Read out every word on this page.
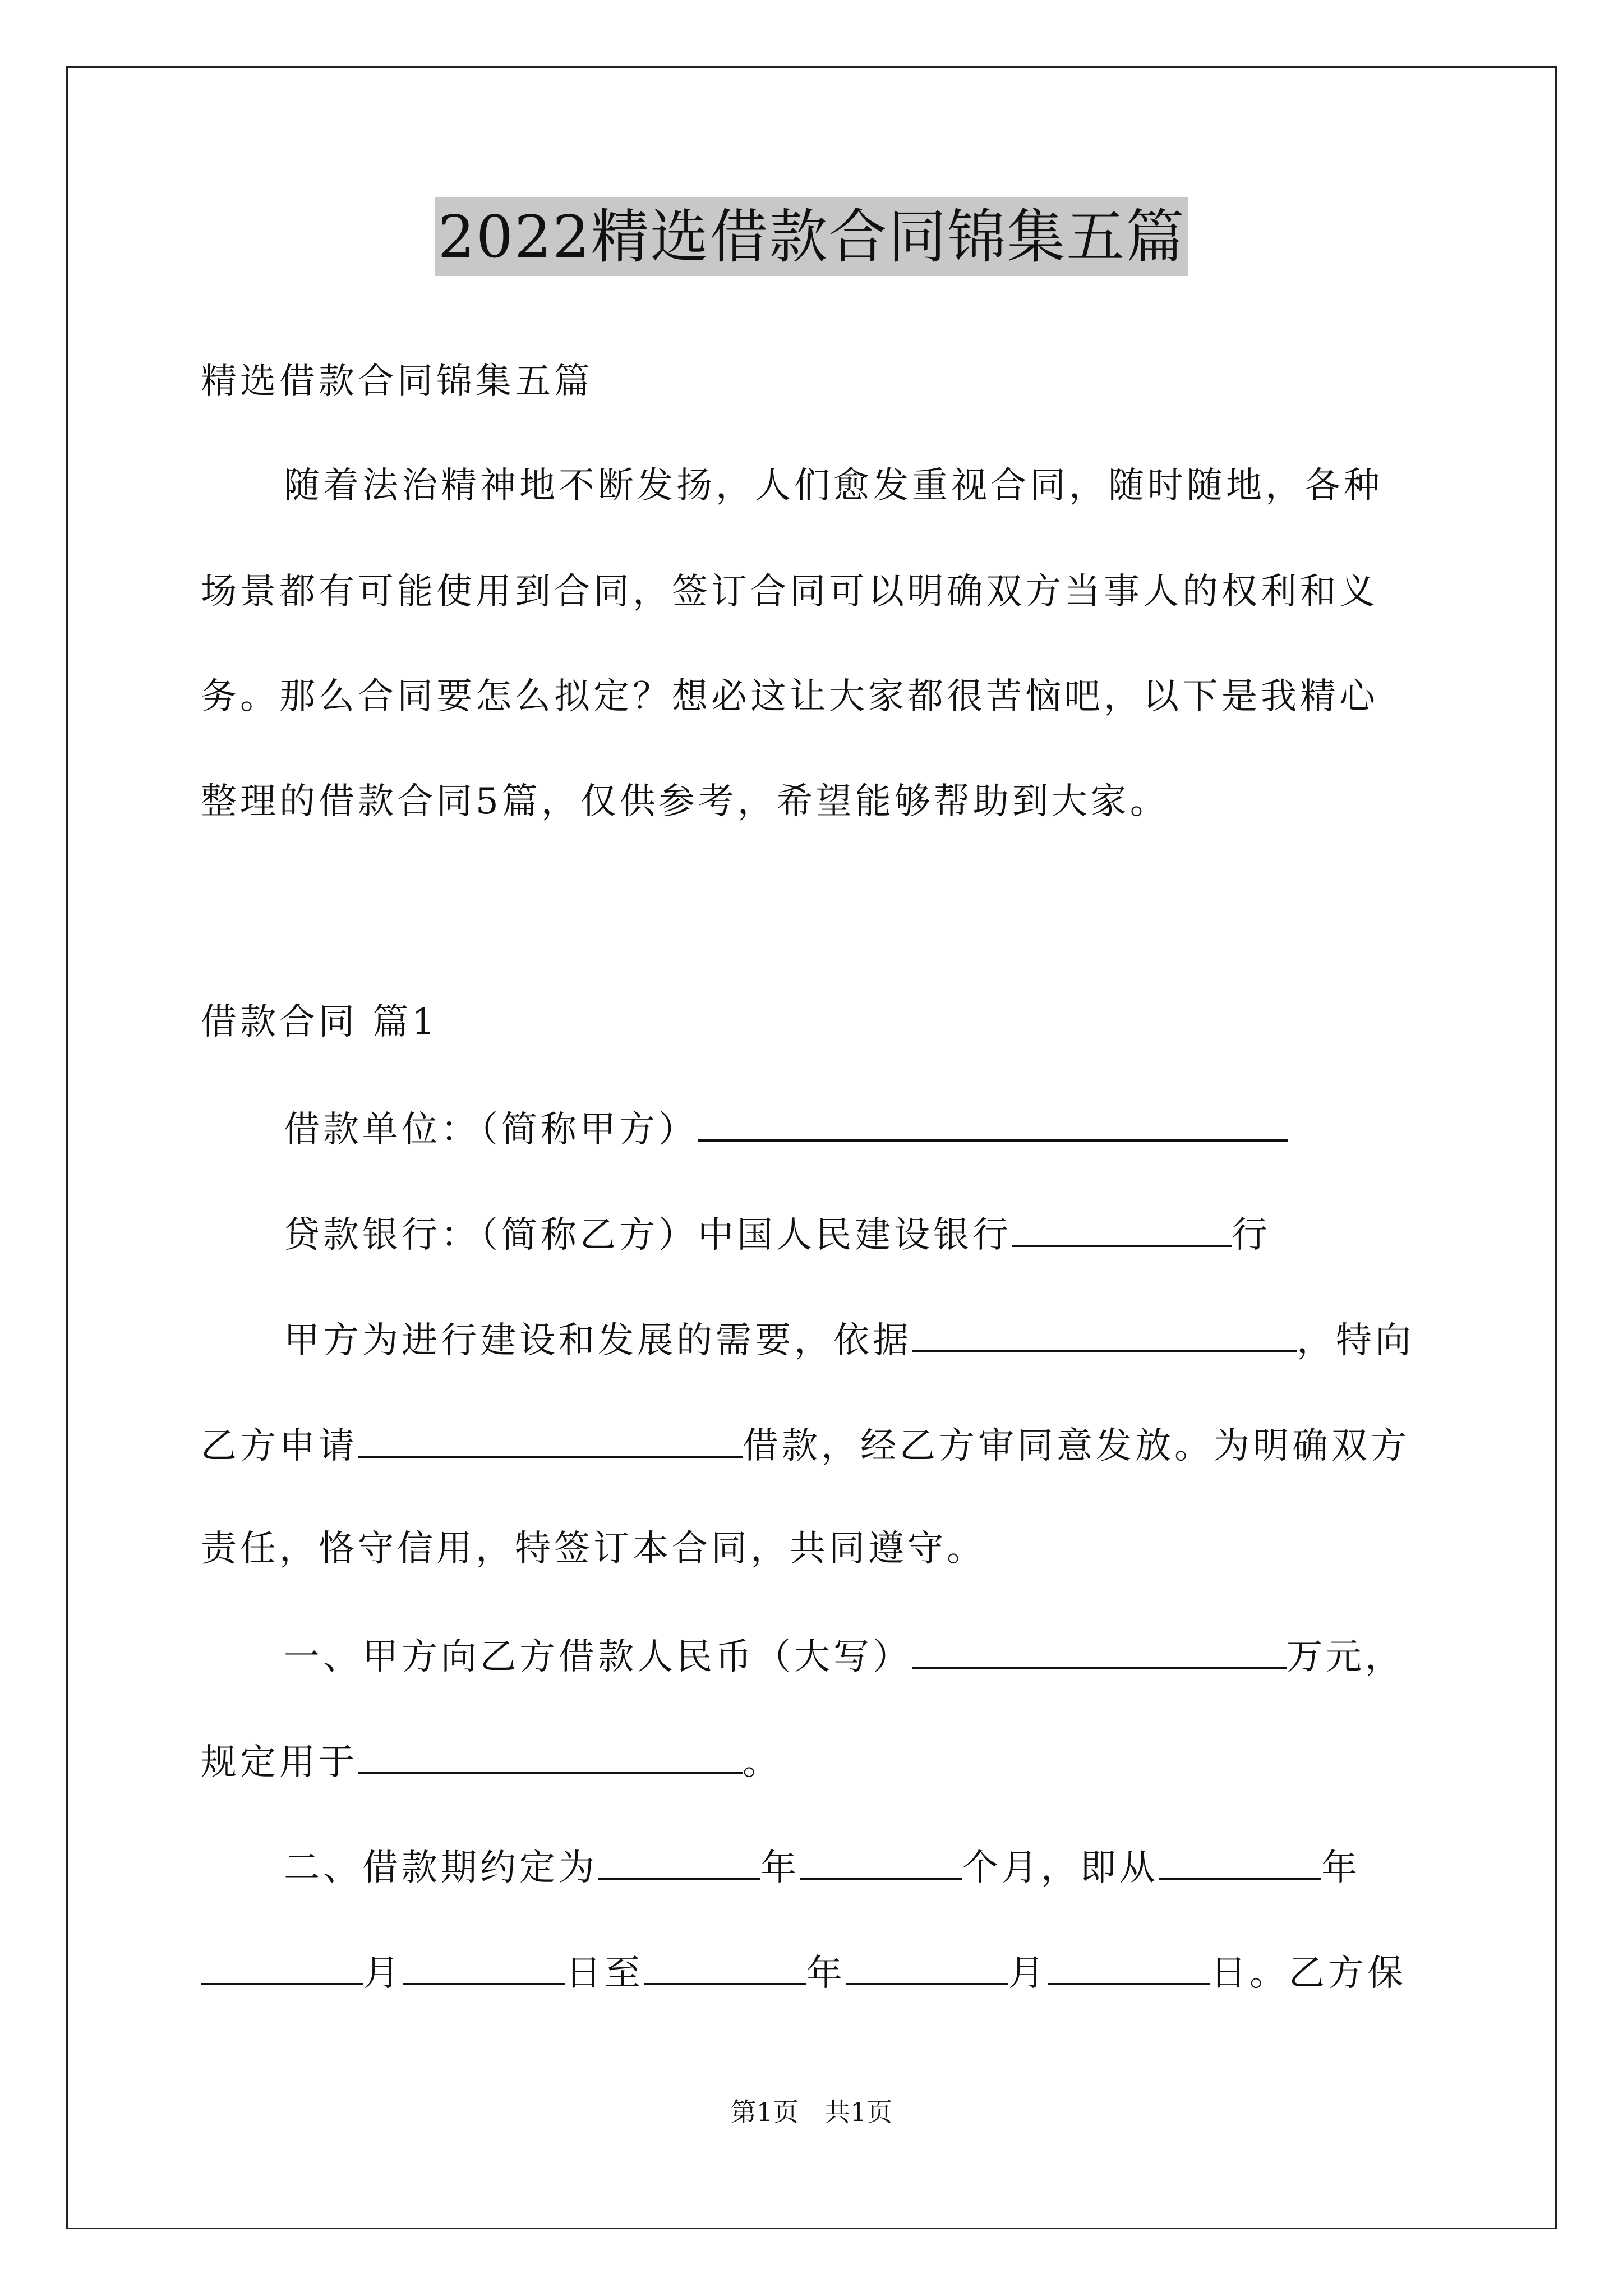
2022精选借款合同锦集五篇
精选借款合同锦集五篇
随着法治精神地不断发扬，人们愈发重视合同，随时随地，各种
场景都有可能使用到合同，签订合同可以明确双方当事人的权利和义
务。那么合同要怎么拟定？想必这让大家都很苦恼吧，以下是我精心
整理的借款合同5篇，仅供参考，希望能够帮助到大家。
借款合同 篇1
借款单位：（简称甲方）
贷款银行：（简称乙方）中国人民建设银行	行
甲方为进行建设和发展的需要，依据	，特向
乙方申请	借款，经乙方审同意发放。为明确双方
责任，恪守信用，特签订本合同，共同遵守。
一、甲方向乙方借款人民币（大写）	万元，
规定用于	。
二、借款期约定为	年	个月，即从	年
月	日至	年	月	日。乙方保
第1页　共1页
